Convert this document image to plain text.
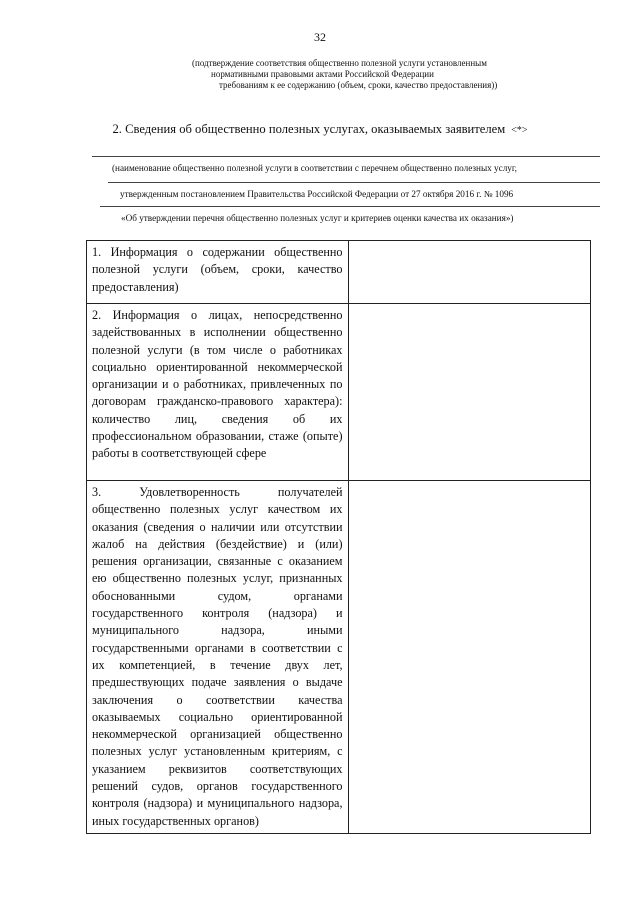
32
(подтверждение соответствия общественно полезной услуги установленным
нормативными правовыми актами Российской Федерации
требованиям к ее содержанию (объем, сроки, качество предоставления))
2. Сведения об общественно полезных услугах, оказываемых заявителем <*>
(наименование общественно полезной услуги в соответствии с перечнем общественно полезных услуг,
утвержденным постановлением Правительства Российской Федерации от 27 октября 2016 г. № 1096
«Об утверждении перечня общественно полезных услуг и критериев оценки качества их оказания»)
1. Информация о содержании общественно полезной услуги (объем, сроки, качество предоставления)	
2. Информация о лицах, непосредственно задействованных в исполнении общественно полезной услуги (в том числе о работниках социально ориентированной некоммерческой организации и о работниках, привлеченных по договорам гражданско-правового характера): количество лиц, сведения об их профессиональном образовании, стаже (опыте) работы в соответствующей сфере	
3. Удовлетворенность получателей общественно полезных услуг качеством их оказания (сведения о наличии или отсутствии жалоб на действия (бездействие) и (или) решения организации, связанные с оказанием ею общественно полезных услуг, признанных обоснованными судом, органами государственного контроля (надзора) и муниципального надзора, иными государственными органами в соответствии с их компетенцией, в течение двух лет, предшествующих подаче заявления о выдаче заключения о соответствии качества оказываемых социально ориентированной некоммерческой организацией общественно полезных услуг установленным критериям, с указанием реквизитов соответствующих решений судов, органов государственного контроля (надзора) и муниципального надзора, иных государственных органов)	
